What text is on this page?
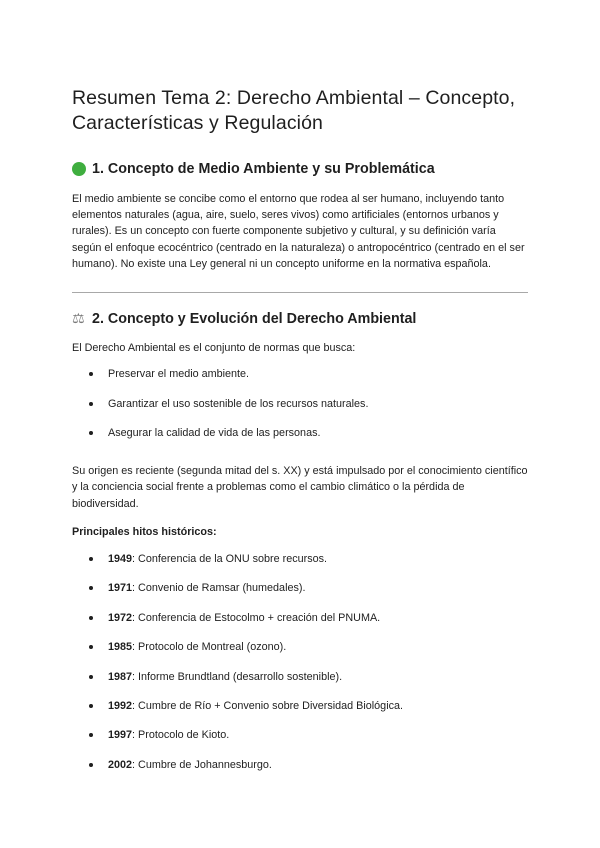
Resumen Tema 2: Derecho Ambiental – Concepto, Características y Regulación
1. Concepto de Medio Ambiente y su Problemática

El medio ambiente se concibe como el entorno que rodea al ser humano, incluyendo tanto elementos naturales (agua, aire, suelo, seres vivos) como artificiales (entornos urbanos y rurales). Es un concepto con fuerte componente subjetivo y cultural, y su definición varía según el enfoque ecocéntrico (centrado en la naturaleza) o antropocéntrico (centrado en el ser humano). No existe una Ley general ni un concepto uniforme en la normativa española.

⚖ 2. Concepto y Evolución del Derecho Ambiental

El Derecho Ambiental es el conjunto de normas que busca:

Preservar el medio ambiente.
Garantizar el uso sostenible de los recursos naturales.
Asegurar la calidad de vida de las personas.

Su origen es reciente (segunda mitad del s. XX) y está impulsado por el conocimiento científico y la conciencia social frente a problemas como el cambio climático o la pérdida de biodiversidad.

Principales hitos históricos:

1949: Conferencia de la ONU sobre recursos.
1971: Convenio de Ramsar (humedales).
1972: Conferencia de Estocolmo + creación del PNUMA.
1985: Protocolo de Montreal (ozono).
1987: Informe Brundtland (desarrollo sostenible).
1992: Cumbre de Río + Convenio sobre Diversidad Biológica.
1997: Protocolo de Kioto.
2002: Cumbre de Johannesburgo.
